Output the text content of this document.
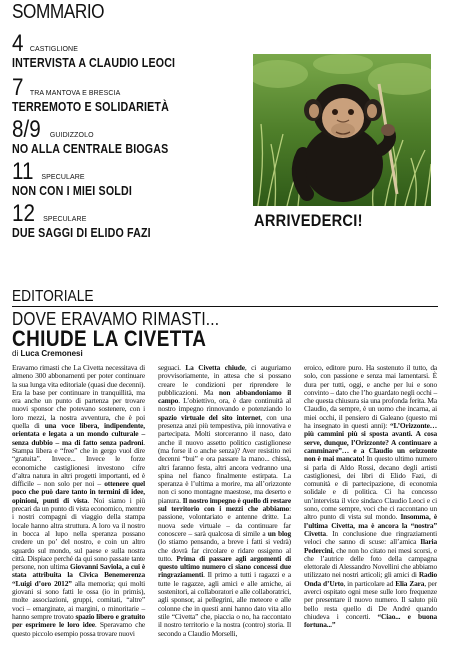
SOMMARIO
4 CASTIGLIONE
INTERVISTA A CLAUDIO LEOCI
7 TRA MANTOVA E BRESCIA
TERREMOTO E SOLIDARIETÀ
8/9 GUIDIZZOLO
NO ALLA CENTRALE BIOGAS
11 SPECULARE
NON CON I MIEI SOLDI
12 SPECULARE
DUE SAGGI DI ELIDO FAZI
ARRIVEDERCI!
EDITORIALE
DOVE ERAVAMO RIMASTI...
CHIUDE LA CIVETTA
di Luca Cremonesi

Eravamo rimasti che La Civetta necessitava di almeno 300 abbonamenti per poter continuare la sua lunga vita editoriale (quasi due decenni). Era la base per continuare in tranquillità, ma era anche un punto di partenza per trovare nuovi sponsor che potevano sostenere, con i loro mezzi, la nostra avventura, che è poi quella di una voce libera, indipendente, orientata e legata a un mondo culturale – senza dubbio – ma di fatto senza padroni. Stampa libera e “free” che in gergo vuol dire “gratuita”. Invece... Invece le forze economiche castiglionesi investono cifre d’altra natura in altri progetti importanti, ed è difficile – non solo per noi – ottenere quel poco che può dare tanto in termini di idee, opinioni, punti di vista. Noi siamo i più precari da un punto di vista economico, mentre i nostri compagni di viaggio della stampa locale hanno altra struttura. A loro va il nostro in bocca al lupo nella speranza possano credere un po’ del nostro, e coin un altro sguardo sul mondo, sul paese e sulla nostra città. Dispiace perché da qui sono passate tante persone, non ultima Giovanni Saviola, a cui è stata attribuita la Civica Benemerenza “Luigi d’oro 2012” alla memoria; qui molti giovani si sono fatti le ossa (io in primis), molte associazioni, gruppi, comitati, “altre” voci – emarginate, ai margini, o minoritarie – hanno sempre trovato spazio libero e gratuito per esprimere le loro idee. Speravamo che questo piccolo esempio possa trovare nuovi

seguaci. La Civetta chiude, ci auguriamo provvisoriamente, in attesa che si possano creare le condizioni per riprendere le pubblicazioni. Ma non abbandoniamo il campo. L’obiettivo, ora, è dare continuità al nostro impegno rinnovando e potenziando lo spazio virtuale del sito internet, con una presenza anzi più tempestiva, più innovativa e partecipata. Molti storceranno il naso, dato anche il nuovo assetto politico castiglionese (ma forse il o anche senza)? Aver resistito nei decenni “bui” e ora passare la mano... chissà, altri faranno festa, altri ancora vedranno una spina nel fianco finalmente estirpata. La speranza è l’ultima a morire, ma all’orizzonte non ci sono montagne maestose, ma deserto e pianura. Il nostro impegno è quello di restare sul territorio con i mezzi che abbiamo: passione, volontariato e antenne dritte. La nuova sede virtuale – da continuare far conoscere – sarà qualcosa di simile a un blog (lo stiamo pensando, a breve i fatti si vedrà) che dovrà far circolare e ridare ossigeno al tutto. Prima di passare agli argomenti di questo ultimo numero ci siano concessi due ringraziamenti. Il primo a tutti i ragazzi e a tutte le ragazze, agli amici e alle amiche, ai sostenitori, ai collaboratori e alle collaboratrici, agli sponsor, ai pellegrini, alle meteore e alle colonne che in questi anni hanno dato vita allo stile “Civetta” che, piaccia o no, ha raccontato il nostro territorio e la nostra (contro) storia. Il secondo a Claudio Morselli,

eroico, editore puro. Ha sostenuto il tutto, da solo, con passione e senza mai lamentarsi. È dura per tutti, oggi, e anche per lui e sono convinto – dato che l’ho guardato negli occhi – che questa chiusura sia una profonda ferita. Ma Claudio, da sempre, è un uomo che incarna, ai miei occhi, il pensiero di Galeano (questo mi ha insegnato in questi anni): “L’Orizzonte… più cammini più si sposta avanti. A cosa serve, dunque, l’Orizzonte? A continuare a camminare”… e a Claudio un orizzonte non è mai mancato! In questo ultimo numero si parla di Aldo Rossi, decano degli artisti castiglionesi, dei libri di Elido Fazi, di comunità e di partecipazione, di economia solidale e di politica. Ci ha concesso un’intervista il vice sindaco Claudio Leoci e ci sono, come sempre, voci che ci raccontano un altro punto di vista sul mondo. Insomma, è l’ultima Civetta, ma è ancora la “nostra” Civetta. In conclusione due ringraziamenti veloci che sanno di scuse: all’amica Ilaria Pedercini, che non ho citato nei mesi scorsi, e che l’autrice delle foto della campagna elettorale di Alessandro Novellini che abbiamo utilizzato nei nostri articoli; gli amici di Radio Onda d’Urto, in particolare ad Elia Zara, per averci ospitato ogni mese sulle loro frequenze per presentare il nuovo numero. Il saluto più bello resta quello di De André quando chiudeva i concerti. “Ciao... e buona fortuna...”
